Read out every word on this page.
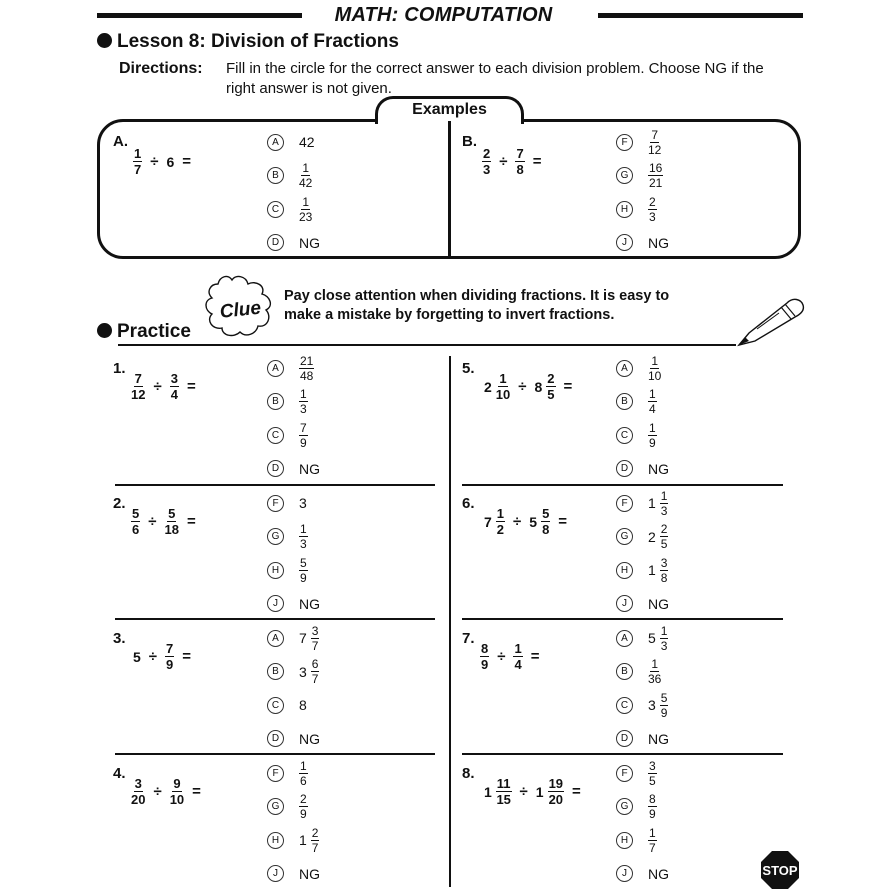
MATH: COMPUTATION
Lesson 8: Division of Fractions
Directions: Fill in the circle for the correct answer to each division problem. Choose NG if the
right answer is not given.
Examples
A.
$\frac{1}{7} \div 6$ =
A	42
B	$\frac{1}{42}$
C	$\frac{1}{23}$
D	NG
B.
$\frac{2}{3} \div \frac{7}{8}$ =
F	$\frac{7}{12}$
G	$\frac{16}{21}$
H	$\frac{2}{3}$
J	NG
Clue
Pay close attention when dividing fractions. It is easy to
make a mistake by forgetting to invert fractions.
Practice
1.
$\frac{7}{12} \div \frac{3}{4}$ =
A	$\frac{21}{48}$
B	$\frac{1}{3}$
C	$\frac{7}{9}$
D	NG
2.
$\frac{5}{6} \div \frac{5}{18}$ =
F	3
G	$\frac{1}{3}$
H	$\frac{5}{9}$
J	NG
3.
$5 \div \frac{7}{9}$ =
A	$7 \frac{3}{7}$
B	$3 \frac{6}{7}$
C	8
D	NG
4.
$\frac{3}{20} \div \frac{9}{10}$ =
F	$\frac{1}{6}$
G	$\frac{2}{9}$
H	$1 \frac{2}{7}$
J	NG
5.
$2 \frac{1}{10} \div 8 \frac{2}{5}$ =
A	$\frac{1}{10}$
B	$\frac{1}{4}$
C	$\frac{1}{9}$
D	NG
6.
$7 \frac{1}{2} \div 5 \frac{5}{8}$ =
F	$1 \frac{1}{3}$
G	$2 \frac{2}{5}$
H	$1 \frac{3}{8}$
J	NG
7.
$\frac{8}{9} \div \frac{1}{4}$ =
A	$5 \frac{1}{3}$
B	$\frac{1}{36}$
C	$3 \frac{5}{9}$
D	NG
8.
$1 \frac{11}{15} \div 1 \frac{19}{20}$ =
F	$\frac{3}{5}$
G	$\frac{8}{9}$
H	$\frac{1}{7}$
J	NG	STOP
